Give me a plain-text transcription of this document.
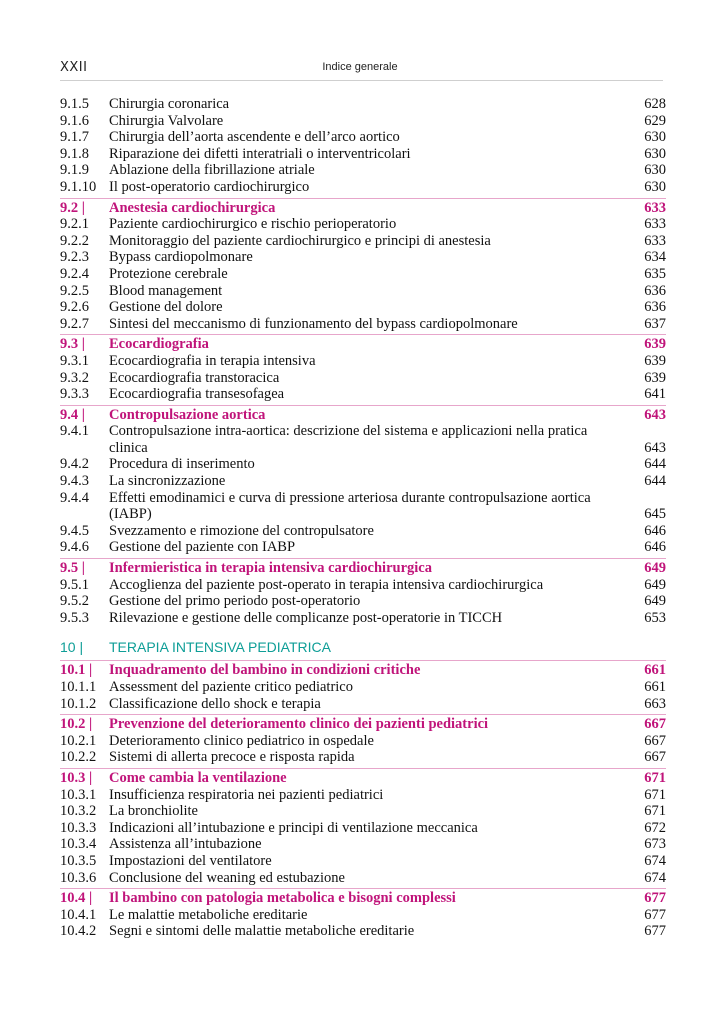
XXII	Indice generale
9.1.5	Chirurgia coronarica	628
9.1.6	Chirurgia Valvolare	629
9.1.7	Chirurgia dell’aorta ascendente e dell’arco aortico	630
9.1.8	Riparazione dei difetti interatriali o interventricolari	630
9.1.9	Ablazione della fibrillazione atriale	630
9.1.10 Il post-operatorio cardiochirurgico	630
9.2 |	Anestesia cardiochirurgica	633
9.2.1	Paziente cardiochirurgico e rischio perioperatorio	633
9.2.2	Monitoraggio del paziente cardiochirurgico e principi di anestesia	633
9.2.3	Bypass cardiopolmonare	634
9.2.4	Protezione cerebrale	635
9.2.5	Blood management	636
9.2.6	Gestione del dolore	636
9.2.7	Sintesi del meccanismo di funzionamento del bypass cardiopolmonare	637
9.3 |	Ecocardiografia	639
9.3.1	Ecocardiografia in terapia intensiva	639
9.3.2	Ecocardiografia transtoracica	639
9.3.3	Ecocardiografia transesofagea	641
9.4 |	Contropulsazione aortica	643
9.4.1	Contropulsazione intra-aortica: descrizione del sistema e applicazioni nella pratica clinica	643
9.4.2	Procedura di inserimento	644
9.4.3	La sincronizzazione	644
9.4.4	Effetti emodinamici e curva di pressione arteriosa durante contropulsazione aortica (IABP)	645
9.4.5	Svezzamento e rimozione del contropulsatore	646
9.4.6	Gestione del paziente con IABP	646
9.5 |	Infermieristica in terapia intensiva cardiochirurgica	649
9.5.1	Accoglienza del paziente post-operato in terapia intensiva cardiochirurgica	649
9.5.2	Gestione del primo periodo post-operatorio	649
9.5.3	Rilevazione e gestione delle complicanze post-operatorie in TICCH	653
10 |	TERAPIA INTENSIVA PEDIATRICA
10.1 |	Inquadramento del bambino in condizioni critiche	661
10.1.1 Assessment del paziente critico pediatrico	661
10.1.2 Classificazione dello shock e terapia	663
10.2 |	Prevenzione del deterioramento clinico dei pazienti pediatrici	667
10.2.1 Deterioramento clinico pediatrico in ospedale	667
10.2.2 Sistemi di allerta precoce e risposta rapida	667
10.3 |	Come cambia la ventilazione	671
10.3.1 Insufficienza respiratoria nei pazienti pediatrici	671
10.3.2 La bronchiolite	671
10.3.3 Indicazioni all’intubazione e principi di ventilazione meccanica	672
10.3.4 Assistenza all’intubazione	673
10.3.5 Impostazioni del ventilatore	674
10.3.6 Conclusione del weaning ed estubazione	674
10.4 |	Il bambino con patologia metabolica e bisogni complessi	677
10.4.1 Le malattie metaboliche ereditarie	677
10.4.2 Segni e sintomi delle malattie metaboliche ereditarie	677
